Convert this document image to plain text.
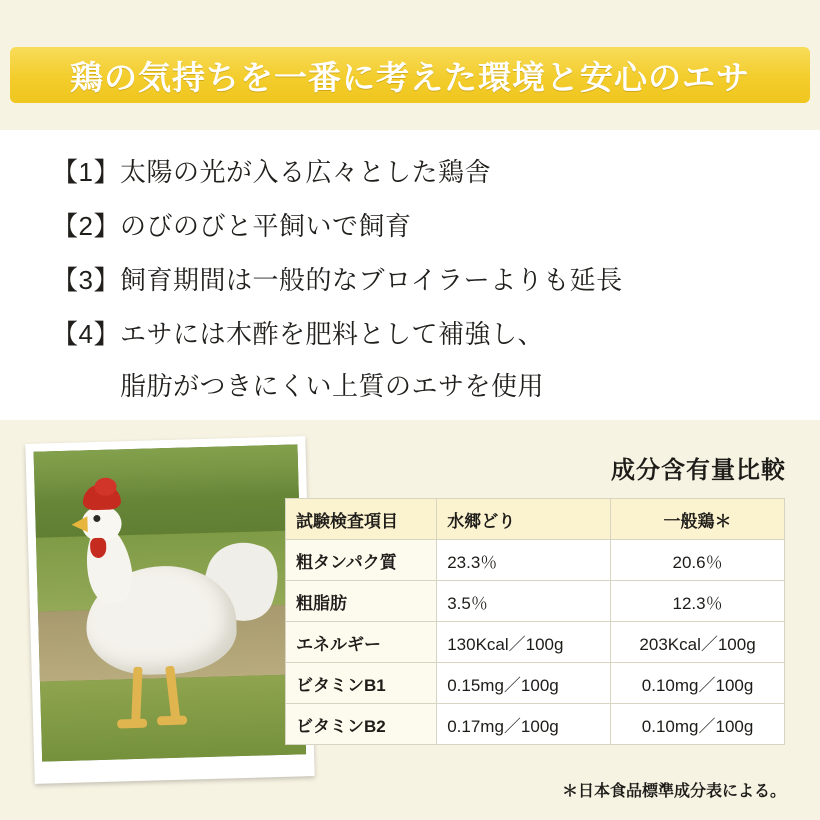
鶏の気持ちを一番に考えた環境と安心のエサ
【1】太陽の光が入る広々とした鶏舎
【2】のびのびと平飼いで飼育
【3】飼育期間は一般的なブロイラーよりも延長
【4】エサには木酢を肥料として補強し、
脂肪がつきにくい上質のエサを使用
成分含有量比較
試験検査項目	水郷どり	一般鶏＊
粗タンパク質	23.3％	20.6％
粗脂肪	3.5％	12.3％
エネルギー	130Kcal／100g	203Kcal／100g
ビタミンB1	0.15mg／100g	0.10mg／100g
ビタミンB2	0.17mg／100g	0.10mg／100g
＊日本食品標準成分表による。
